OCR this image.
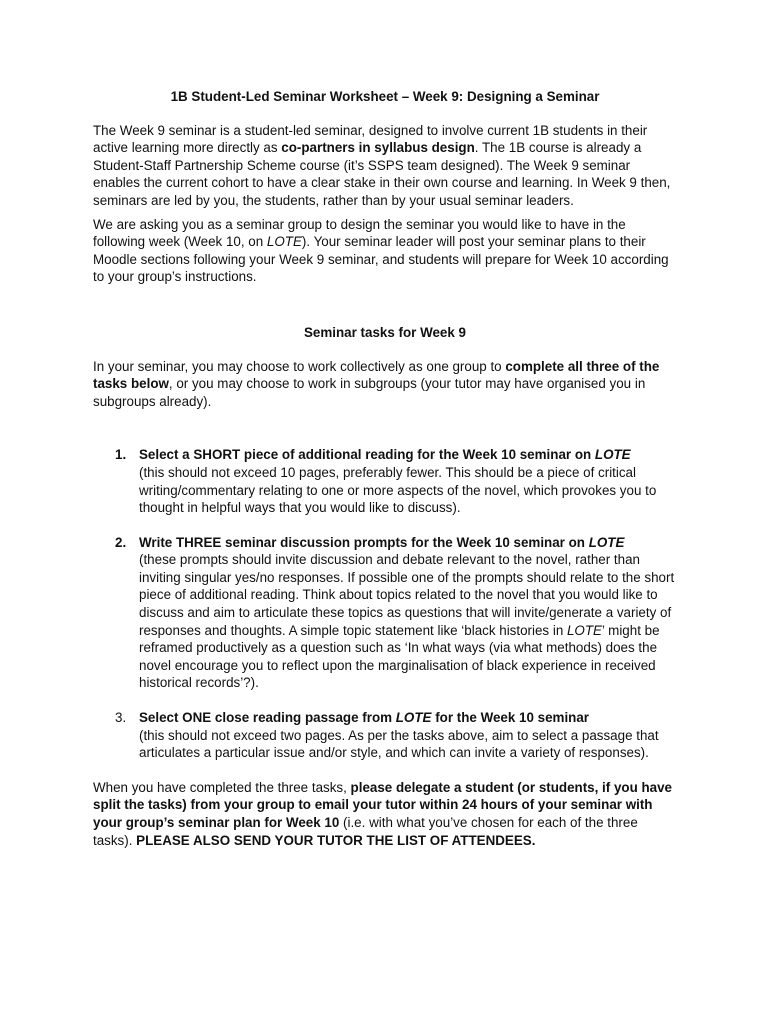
1B Student-Led Seminar Worksheet – Week 9: Designing a Seminar

The Week 9 seminar is a student-led seminar, designed to involve current 1B students in their active learning more directly as co-partners in syllabus design. The 1B course is already a Student-Staff Partnership Scheme course (it’s SSPS team designed). The Week 9 seminar enables the current cohort to have a clear stake in their own course and learning. In Week 9 then, seminars are led by you, the students, rather than by your usual seminar leaders.

We are asking you as a seminar group to design the seminar you would like to have in the following week (Week 10, on LOTE). Your seminar leader will post your seminar plans to their Moodle sections following your Week 9 seminar, and students will prepare for Week 10 according to your group’s instructions.

Seminar tasks for Week 9

In your seminar, you may choose to work collectively as one group to complete all three of the tasks below, or you may choose to work in subgroups (your tutor may have organised you in subgroups already).

1. Select a SHORT piece of additional reading for the Week 10 seminar on LOTE
(this should not exceed 10 pages, preferably fewer. This should be a piece of critical writing/commentary relating to one or more aspects of the novel, which provokes you to thought in helpful ways that you would like to discuss).
2. Write THREE seminar discussion prompts for the Week 10 seminar on LOTE
(these prompts should invite discussion and debate relevant to the novel, rather than inviting singular yes/no responses. If possible one of the prompts should relate to the short piece of additional reading. Think about topics related to the novel that you would like to discuss and aim to articulate these topics as questions that will invite/generate a variety of responses and thoughts. A simple topic statement like ‘black histories in LOTE’ might be reframed productively as a question such as ‘In what ways (via what methods) does the novel encourage you to reflect upon the marginalisation of black experience in received historical records’?).
3. Select ONE close reading passage from LOTE for the Week 10 seminar
(this should not exceed two pages. As per the tasks above, aim to select a passage that articulates a particular issue and/or style, and which can invite a variety of responses).

When you have completed the three tasks, please delegate a student (or students, if you have split the tasks) from your group to email your tutor within 24 hours of your seminar with your group’s seminar plan for Week 10 (i.e. with what you’ve chosen for each of the three tasks). PLEASE ALSO SEND YOUR TUTOR THE LIST OF ATTENDEES.
